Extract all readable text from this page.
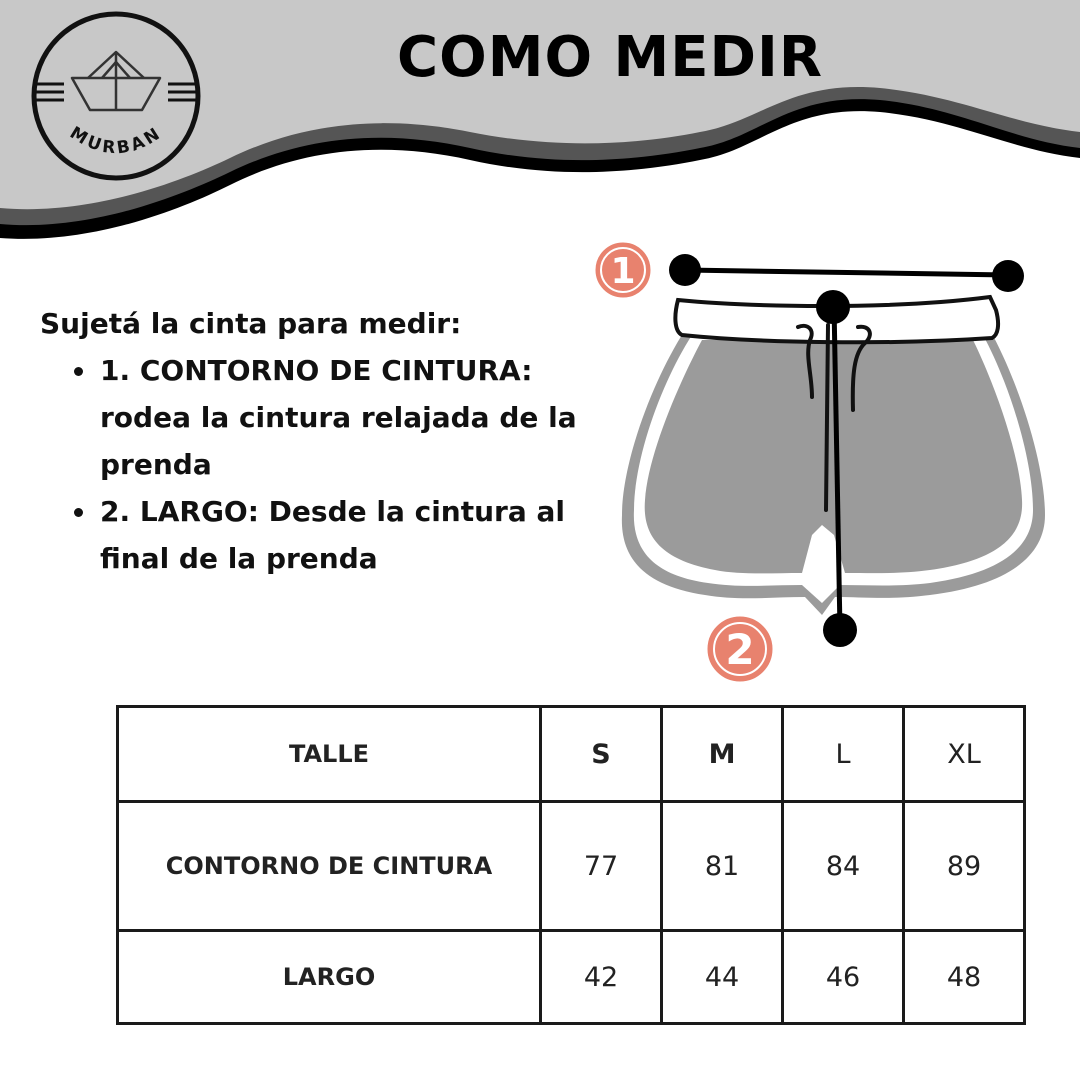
MURBAN
COMO MEDIR

Sujetá la cinta para medir:

• 1. CONTORNO DE CINTURA: rodea la cintura relajada de la prenda
• 2. LARGO: Desde la cintura al final de la prenda
1
2
TALLE	S	M	L	XL
CONTORNO DE CINTURA	77	81	84	89
LARGO	42	44	46	48
